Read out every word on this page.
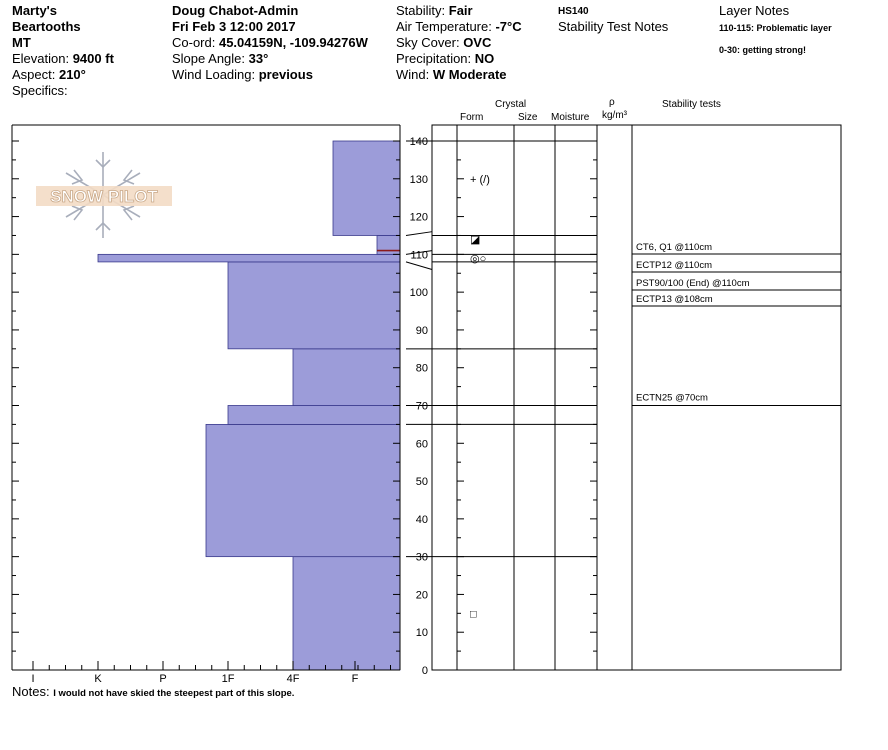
Marty's
Beartooths
MT
Elevation: 9400 ft
Aspect: 210°
Specifics:
Doug Chabot-Admin
Fri Feb 3 12:00 2017
Co-ord: 45.04159N, -109.94276W
Slope Angle: 33°
Wind Loading: previous
Stability: Fair
Air Temperature: -7°C
Sky Cover: OVC
Precipitation: NO
Wind: W Moderate
HS140
Stability Test Notes
Layer Notes
110-115: Problematic layer
0-30: getting strong!
Crystal
Form	Size Moisture
ρ
kg/m³
Stability tests
SNOW PILOT
0
10
20
30
40
50
60
70
80
90
100
110
120
130
140
I	K	P	1F	4F	F
+ (/)
◪
◎○
□
CT6, Q1 @110cm
ECTP12 @110cm
PST90/100 (End) @110cm
ECTP13 @108cm
ECTN25 @70cm
Notes: I would not have skied the steepest part of this slope.
